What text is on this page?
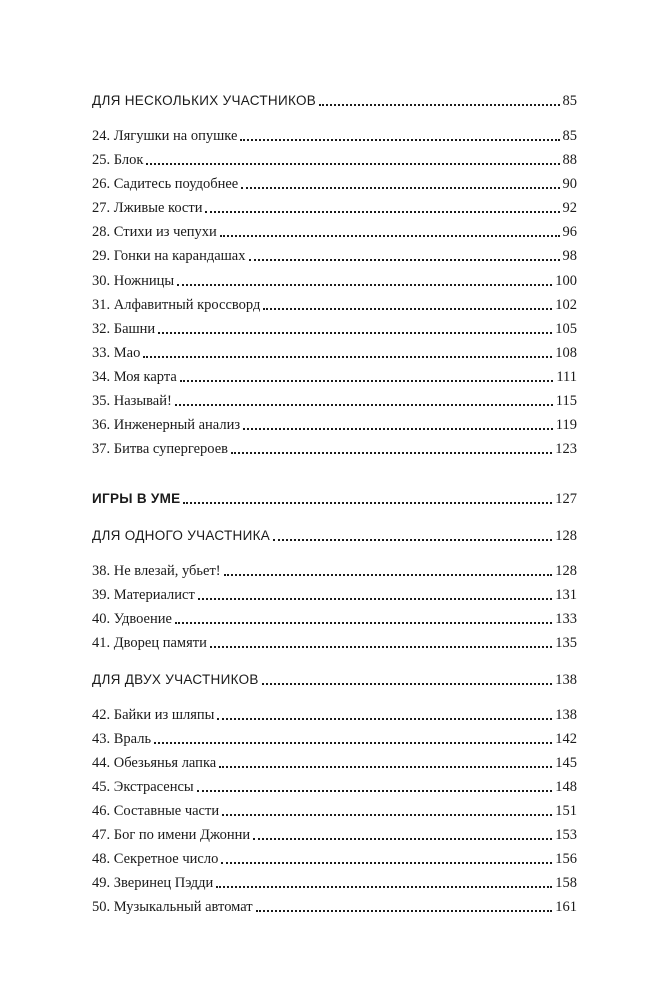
ДЛЯ НЕСКОЛЬКИХ УЧАСТНИКОВ	85
24. Лягушки на опушке	85
25. Блок	88
26. Садитесь поудобнее	90
27. Лживые кости	92
28. Стихи из чепухи	96
29. Гонки на карандашах	98
30. Ножницы	100
31. Алфавитный кроссворд	102
32. Башни	105
33. Мао	108
34. Моя карта	111
35. Называй!	115
36. Инженерный анализ	119
37. Битва супергероев	123
ИГРЫ В УМЕ	127
ДЛЯ ОДНОГО УЧАСТНИКА	128
38. Не влезай, убьет!	128
39. Материалист	131
40. Удвоение	133
41. Дворец памяти	135
ДЛЯ ДВУХ УЧАСТНИКОВ	138
42. Байки из шляпы	138
43. Враль	142
44. Обезьянья лапка	145
45. Экстрасенсы	148
46. Составные части	151
47. Бог по имени Джонни	153
48. Секретное число	156
49. Зверинец Пэдди	158
50. Музыкальный автомат	161
